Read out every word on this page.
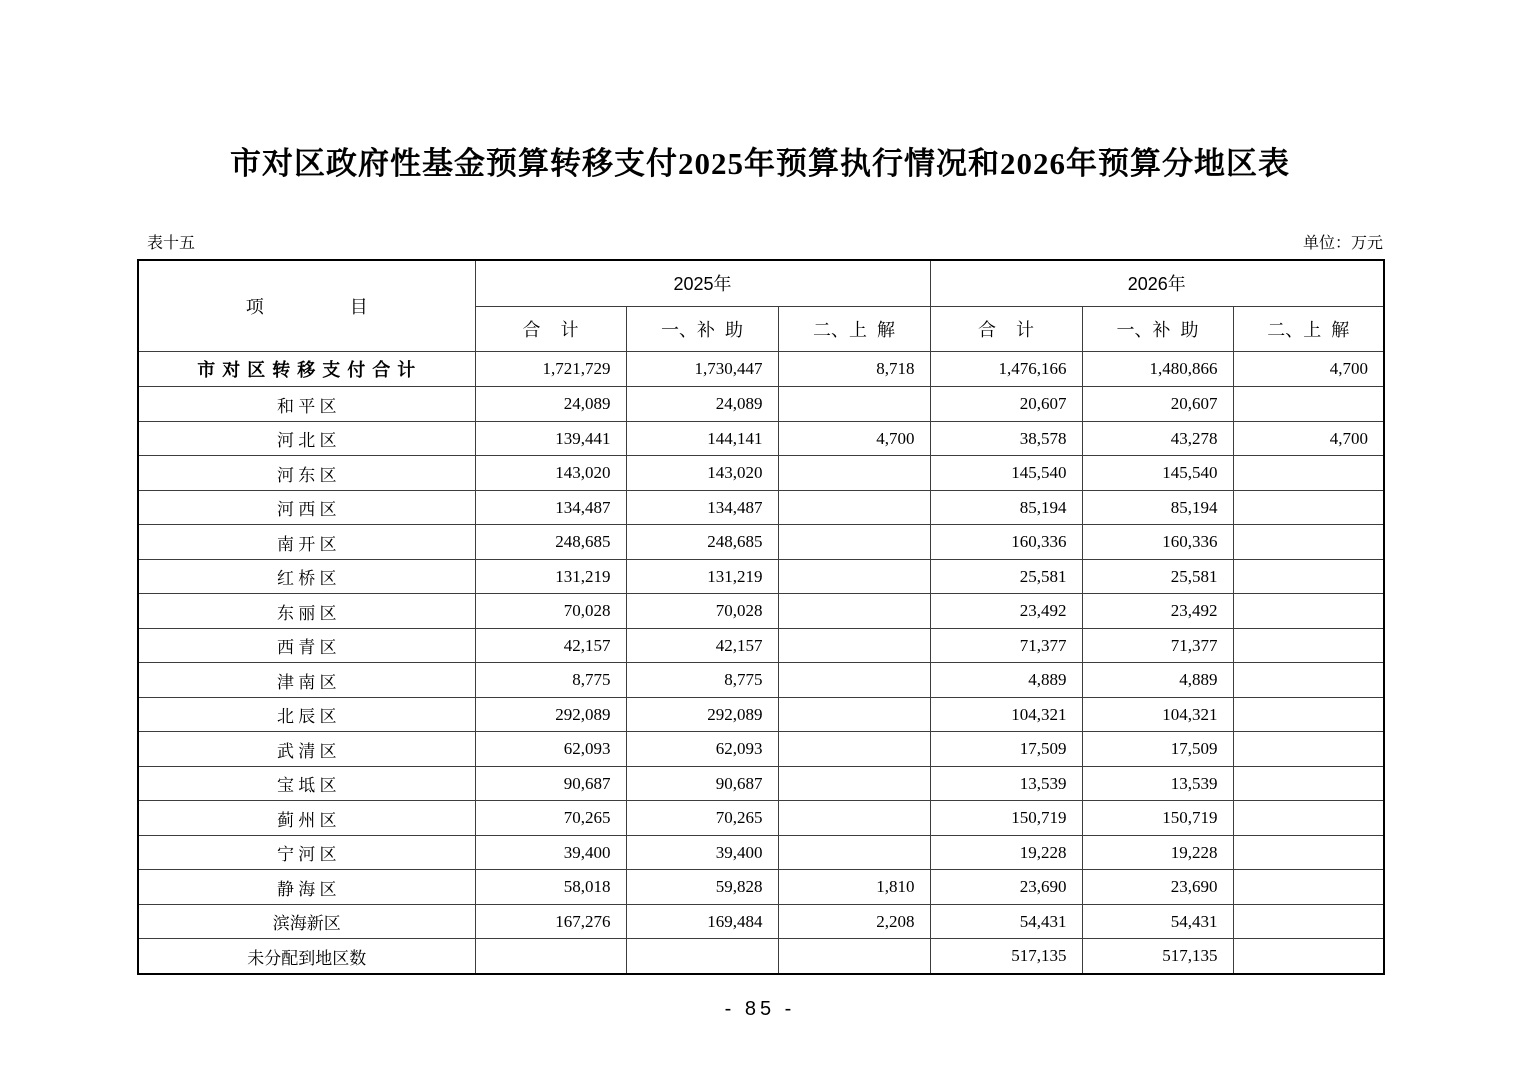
市对区政府性基金预算转移支付2025年预算执行情况和2026年预算分地区表
表十五	单位：万元
项      目	2025年			2026年		
	合    计	一、补  助	二、上  解	合    计	一、补  助	二、上  解
市 对 区 转 移 支 付 合 计	1,721,729	1,730,447	8,718	1,476,166	1,480,866	4,700
和 平 区	24,089	24,089		20,607	20,607	
河 北 区	139,441	144,141	4,700	38,578	43,278	4,700
河 东 区	143,020	143,020		145,540	145,540	
河 西 区	134,487	134,487		85,194	85,194	
南 开 区	248,685	248,685		160,336	160,336	
红 桥 区	131,219	131,219		25,581	25,581	
东 丽 区	70,028	70,028		23,492	23,492	
西 青 区	42,157	42,157		71,377	71,377	
津 南 区	8,775	8,775		4,889	4,889	
北 辰 区	292,089	292,089		104,321	104,321	
武 清 区	62,093	62,093		17,509	17,509	
宝 坻 区	90,687	90,687		13,539	13,539	
蓟 州 区	70,265	70,265		150,719	150,719	
宁 河 区	39,400	39,400		19,228	19,228	
静 海 区	58,018	59,828	1,810	23,690	23,690	
滨海新区	167,276	169,484	2,208	54,431	54,431	
未分配到地区数				517,135	517,135	
- 85 -
